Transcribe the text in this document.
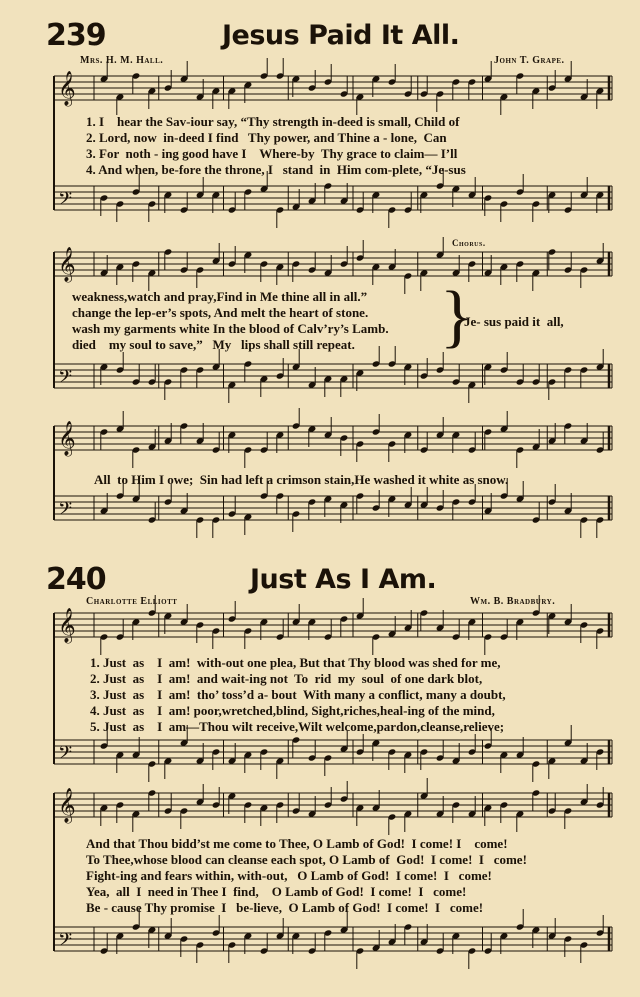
239	Jesus Paid It All.
Mrs. H. M. Hall.	John T. Grape.
𝄞
𝄢
𝄞
𝄢
𝄞
𝄢
𝄞
𝄢
𝄞
𝄢
1. I    hear the Sav-iour say, “Thy strength in-deed is small, Child of
2. Lord, now  in-deed I find   Thy power, and Thine a - lone,  Can
3. For  noth - ing good have I    Where-by  Thy grace to claim— I’ll
4. And when, be-fore the throne, I   stand  in  Him com-plete, “Je-sus
Chorus.
weakness,watch and pray,Find in Me thine all in all.”
change the lep-er’s spots, And melt the heart of stone.
wash my garments white In the blood of Calv’ry’s Lamb.
died    my soul to save,”   My   lips shall still repeat.	}
Je- sus paid it  all,
All  to Him I owe;  Sin had left a crimson stain,He washed it white as snow.
240	Just As I Am.
Charlotte Elliott	Wm. B. Bradbury.
1. Just  as    I  am!  with-out one plea, But that Thy blood was shed for me,
2. Just  as    I  am!  and wait-ing not  To  rid  my  soul  of one dark blot,
3. Just  as    I  am!  tho’ toss’d a- bout  With many a conflict, many a doubt,
4. Just  as    I  am! poor,wretched,blind, Sight,riches,heal-ing of the mind,
5. Just  as    I  am—Thou wilt receive,Wilt welcome,pardon,cleanse,relieve;
And that Thou bidd’st me come to Thee, O Lamb of God!  I come! I    come!
To Thee,whose blood can cleanse each spot, O Lamb of  God!  I come!  I   come!
Fight-ing and fears within, with-out,   O Lamb of God!  I come!  I   come!
Yea,  all  I  need in Thee I  find,    O Lamb of God!  I come!  I   come!
Be - cause Thy promise  I   be-lieve,  O Lamb of God!  I come!  I   come!
